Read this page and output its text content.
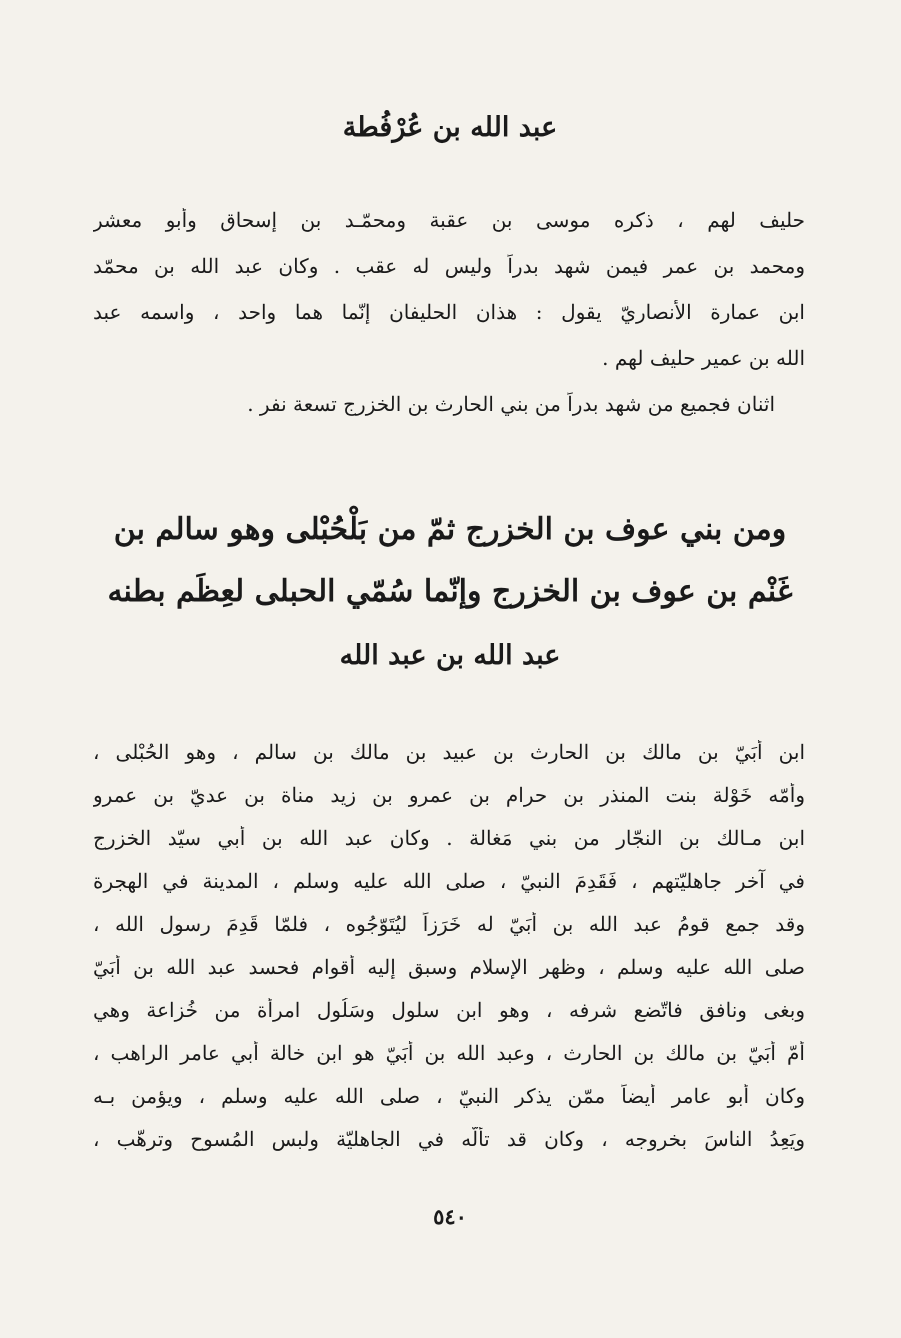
عبد الله بن عُرْفُطة
حليف لهم ، ذكره موسى بن عقبة ومحمّـد بن إسحاق وأبو معشر
ومحمد بن عمر فيمن شهد بدراً وليس له عقب . وكان عبد الله بن محمّد
ابن عمارة الأنصاريّ يقول : هذان الحليفان إنّما هما واحد ، واسمه عبد
الله بن عمير حليف لهم .
اثنان فجميع من شهد بدراً من بني الحارث بن الخزرج تسعة نفر .
ومن بني عوف بن الخزرج ثمّ من بَلْحُبْلى وهو سالم بن
غَنْم بن عوف بن الخزرج وإنّما سُمّي الحبلى لعِظَم بطنه
عبد الله بن عبد الله
ابن أُبَيّ بن مالك بن الحارث بن عبيد بن مالك بن سالم ، وهو الحُبْلى ،
وأمّه خَوْلة بنت المنذر بن حرام بن عمرو بن زيد مناة بن عديّ بن عمرو
ابن مـالك بن النجّار من بني مَغالة . وكان عبد الله بن أبي سيّد الخزرج
في آخر جاهليّتهم ، فَقَدِمَ النبيّ ، صلى الله عليه وسلم ، المدينة في الهجرة
وقد جمع قومُ عبد الله بن أُبَيّ له خَرَزاً ليُتَوّجُوه ، فلمّا قَدِمَ رسول الله ،
صلى الله عليه وسلم ، وظهر الإسلام وسبق إليه أقوام فحسد عبد الله بن أُبَيّ
وبغى ونافق فاتّضع شرفه ، وهو ابن سلول وسَلُول امرأة من خُزاعة وهي
أمّ أُبَيّ بن مالك بن الحارث ، وعبد الله بن أُبَيّ هو ابن خالة أبي عامر الراهب ،
وكان أبو عامر أيضاً ممّن يذكر النبيّ ، صلى الله عليه وسلم ، ويؤمن بـه
ويَعِدُ الناسَ بخروجه ، وكان قد تألّه في الجاهليّة ولبس المُسوح وترهّب ،
٥٤٠
